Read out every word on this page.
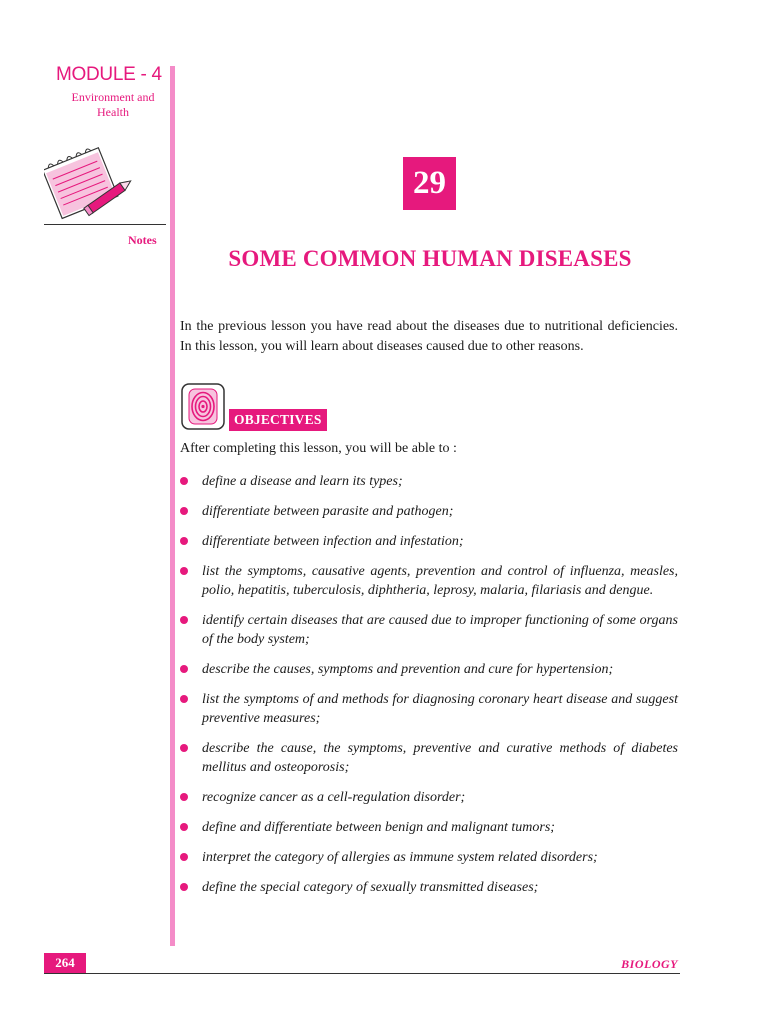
MODULE - 4
Environment and
Health
Notes
29
SOME COMMON HUMAN DISEASES
In the previous lesson you have read about the diseases due to nutritional deficiencies. In this lesson, you will learn about diseases caused due to other reasons.
OBJECTIVES
After completing this lesson, you will be able to :
define a disease and learn its types;
differentiate between parasite and pathogen;
differentiate between infection and infestation;
list the symptoms, causative agents, prevention and control of influenza, measles, polio, hepatitis, tuberculosis, diphtheria, leprosy, malaria, filariasis and dengue.
identify certain diseases that are caused due to improper functioning of some organs of the body system;
describe the causes, symptoms and prevention and cure for hypertension;
list the symptoms of and methods for diagnosing coronary heart disease and suggest preventive measures;
describe the cause, the symptoms, preventive and curative methods of diabetes mellitus and osteoporosis;
recognize cancer as a cell-regulation disorder;
define and differentiate between benign and malignant tumors;
interpret the category of allergies as immune system related disorders;
define the special category of sexually transmitted diseases;
264	BIOLOGY
